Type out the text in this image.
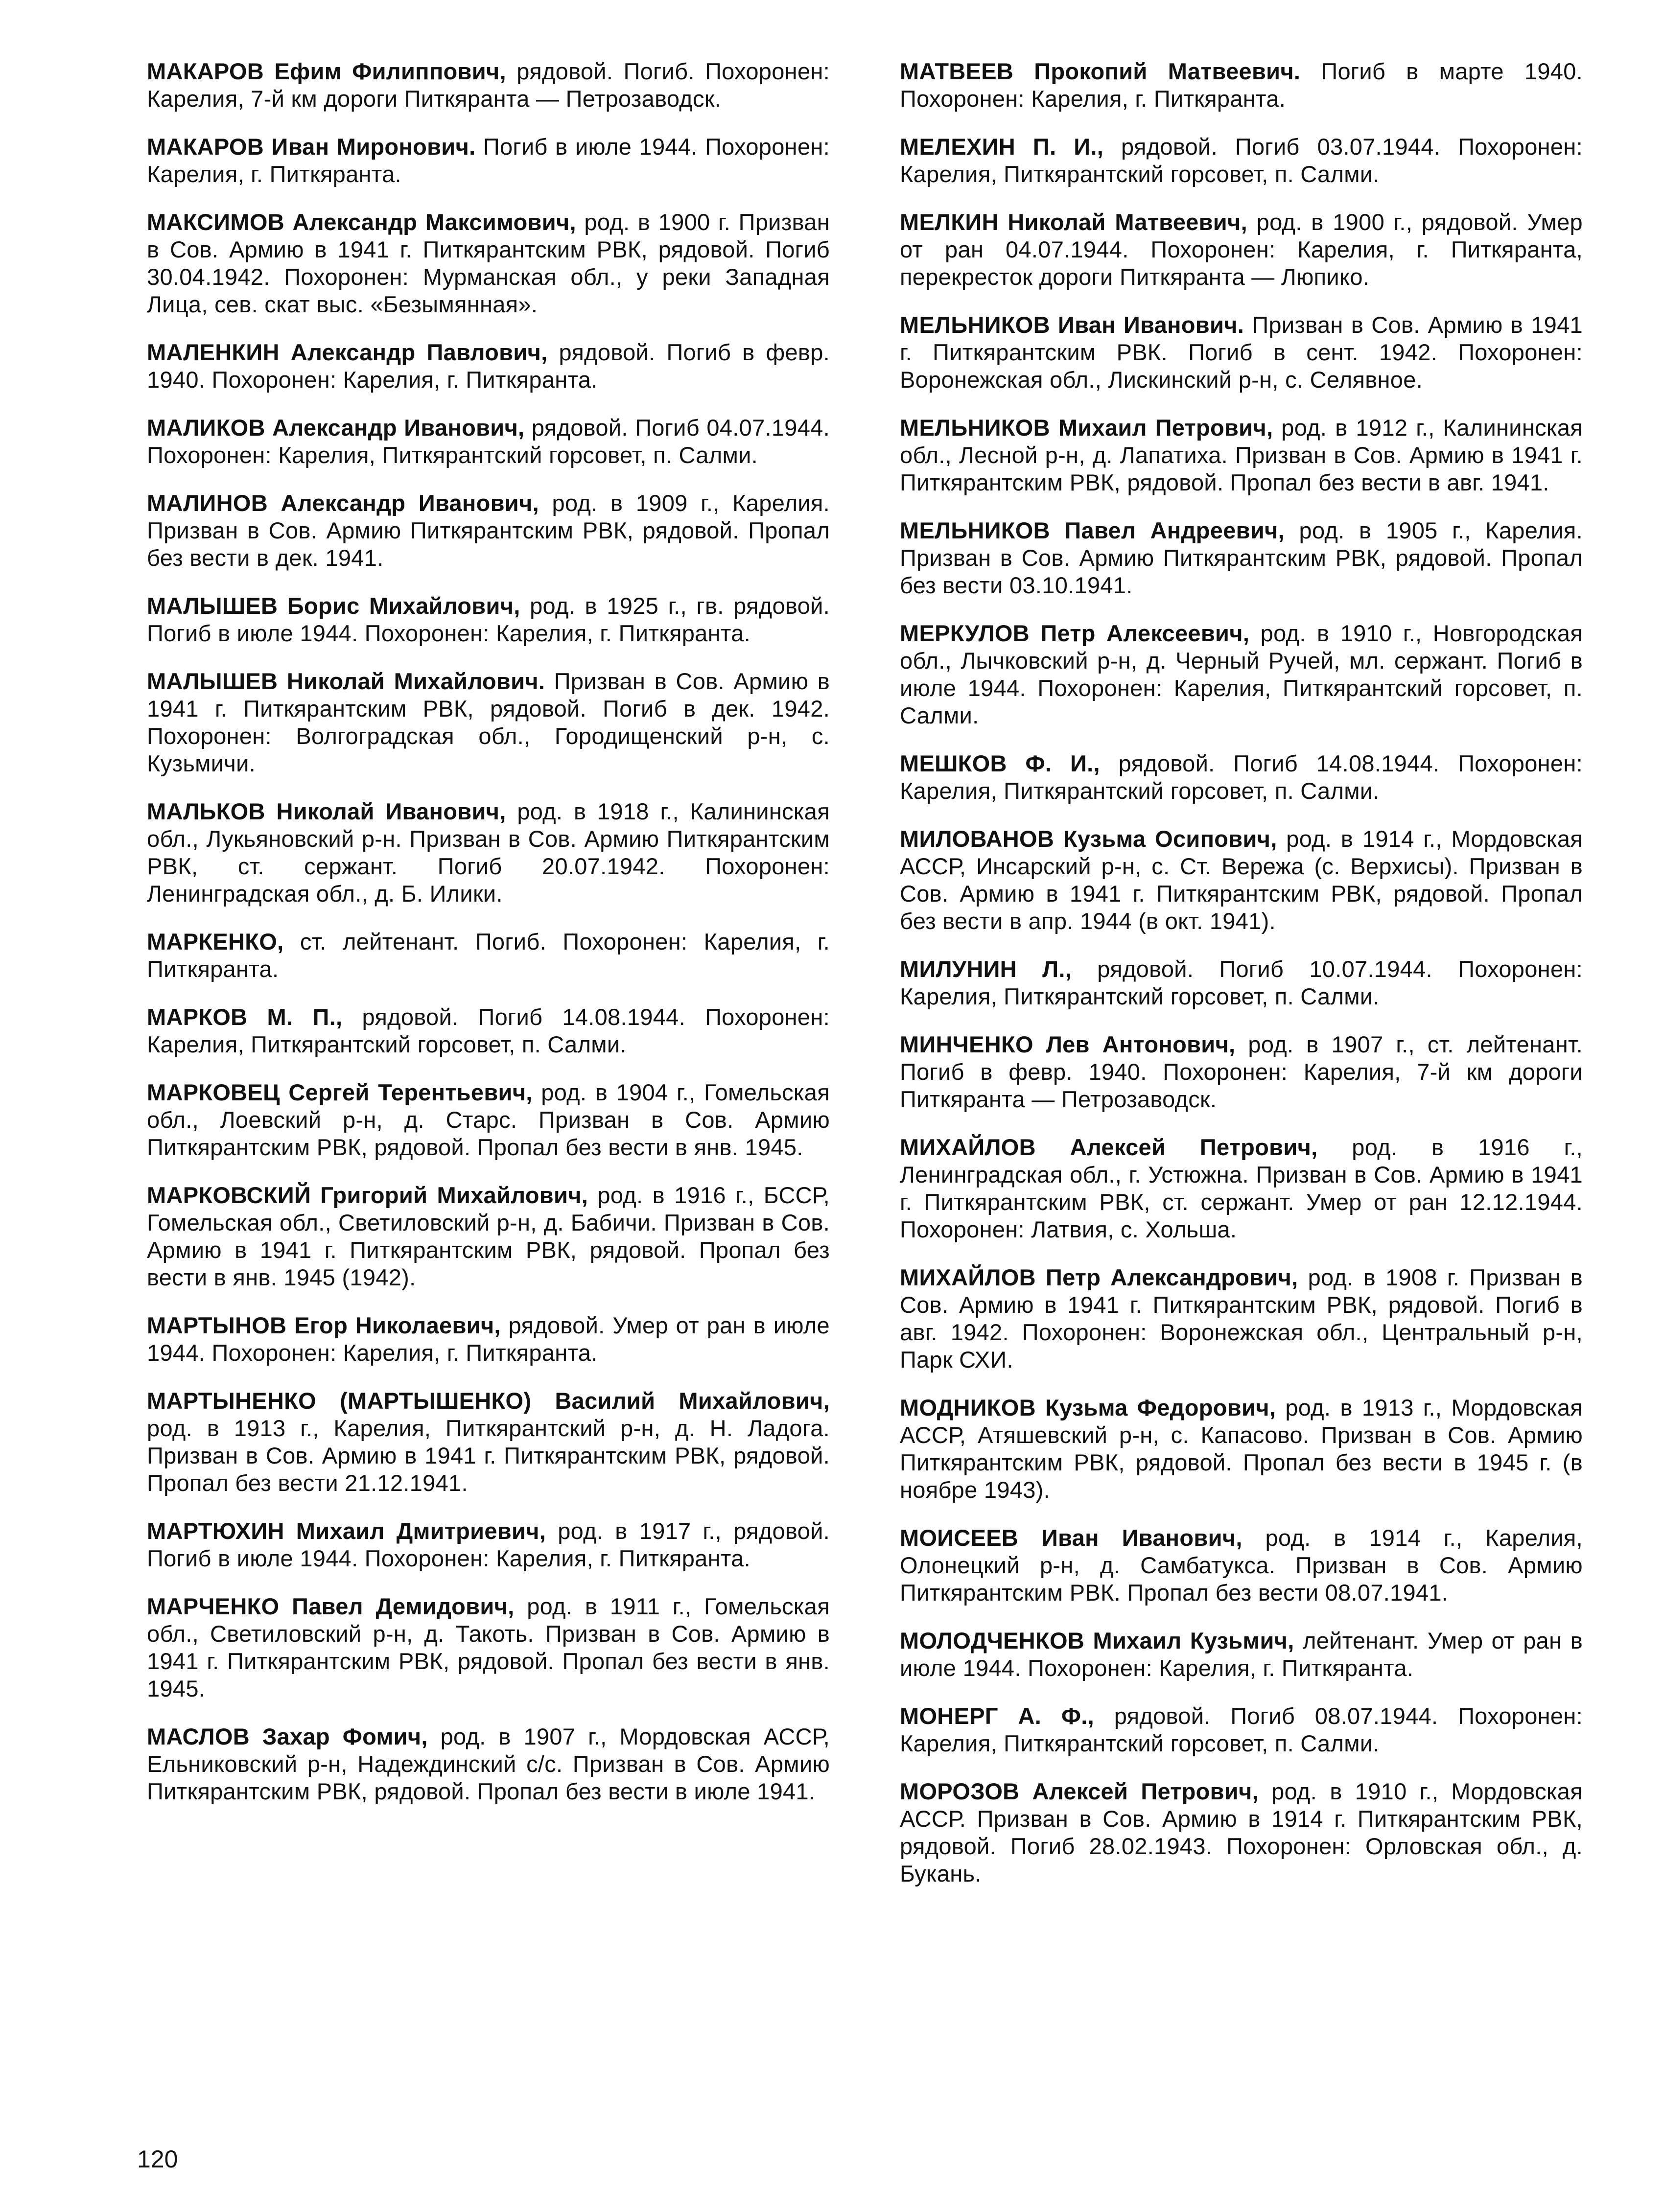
МАКАРОВ Ефим Филиппович, рядовой. Погиб. Похоронен: Карелия, 7-й км дороги Питкяранта — Петрозаводск.

МАКАРОВ Иван Миронович. Погиб в июле 1944. Похоронен: Карелия, г. Питкяранта.

МАКСИМОВ Александр Максимович, род. в 1900 г. Призван в Сов. Армию в 1941 г. Питкярантским РВК, рядовой. Погиб 30.04.1942. Похоронен: Мурманская обл., у реки Западная Лица, сев. скат выс. «Безымянная».

МАЛЕНКИН Александр Павлович, рядовой. Погиб в февр. 1940. Похоронен: Карелия, г. Питкяранта.

МАЛИКОВ Александр Иванович, рядовой. Погиб 04.07.1944. Похоронен: Карелия, Питкярантский горсовет, п. Салми.

МАЛИНОВ Александр Иванович, род. в 1909 г., Карелия. Призван в Сов. Армию Питкярантским РВК, рядовой. Пропал без вести в дек. 1941.

МАЛЫШЕВ Борис Михайлович, род. в 1925 г., гв. рядовой. Погиб в июле 1944. Похоронен: Карелия, г. Питкяранта.

МАЛЫШЕВ Николай Михайлович. Призван в Сов. Армию в 1941 г. Питкярантским РВК, рядовой. Погиб в дек. 1942. Похоронен: Волгоградская обл., Городищенский р-н, с. Кузьмичи.

МАЛЬКОВ Николай Иванович, род. в 1918 г., Калининская обл., Лукьяновский р-н. Призван в Сов. Армию Питкярантским РВК, ст. сержант. Погиб 20.07.1942. Похоронен: Ленинградская обл., д. Б. Илики.

МАРКЕНКО, ст. лейтенант. Погиб. Похоронен: Карелия, г. Питкяранта.

МАРКОВ М. П., рядовой. Погиб 14.08.1944. Похоронен: Карелия, Питкярантский горсовет, п. Салми.

МАРКОВЕЦ Сергей Терентьевич, род. в 1904 г., Гомельская обл., Лоевский р-н, д. Старс. Призван в Сов. Армию Питкярантским РВК, рядовой. Пропал без вести в янв. 1945.

МАРКОВСКИЙ Григорий Михайлович, род. в 1916 г., БССР, Гомельская обл., Светиловский р-н, д. Бабичи. Призван в Сов. Армию в 1941 г. Питкярантским РВК, рядовой. Пропал без вести в янв. 1945 (1942).

МАРТЫНОВ Егор Николаевич, рядовой. Умер от ран в июле 1944. Похоронен: Карелия, г. Питкяранта.

МАРТЫНЕНКО (МАРТЫШЕНКО) Василий Михайлович, род. в 1913 г., Карелия, Питкярантский р-н, д. Н. Ладога. Призван в Сов. Армию в 1941 г. Питкярантским РВК, рядовой. Пропал без вести 21.12.1941.

МАРТЮХИН Михаил Дмитриевич, род. в 1917 г., рядовой. Погиб в июле 1944. Похоронен: Карелия, г. Питкяранта.

МАРЧЕНКО Павел Демидович, род. в 1911 г., Гомельская обл., Светиловский р-н, д. Такоть. Призван в Сов. Армию в 1941 г. Питкярантским РВК, рядовой. Пропал без вести в янв. 1945.

МАСЛОВ Захар Фомич, род. в 1907 г., Мордовская АССР, Ельниковский р-н, Надеждинский с/с. Призван в Сов. Армию Питкярантским РВК, рядовой. Пропал без вести в июле 1941.

МАТВЕЕВ Прокопий Матвеевич. Погиб в марте 1940. Похоронен: Карелия, г. Питкяранта.

МЕЛЕХИН П. И., рядовой. Погиб 03.07.1944. Похоронен: Карелия, Питкярантский горсовет, п. Салми.

МЕЛКИН Николай Матвеевич, род. в 1900 г., рядовой. Умер от ран 04.07.1944. Похоронен: Карелия, г. Питкяранта, перекресток дороги Питкяранта — Люпико.

МЕЛЬНИКОВ Иван Иванович. Призван в Сов. Армию в 1941 г. Питкярантским РВК. Погиб в сент. 1942. Похоронен: Воронежская обл., Лискинский р-н, с. Селявное.

МЕЛЬНИКОВ Михаил Петрович, род. в 1912 г., Калининская обл., Лесной р-н, д. Лапатиха. Призван в Сов. Армию в 1941 г. Питкярантским РВК, рядовой. Пропал без вести в авг. 1941.

МЕЛЬНИКОВ Павел Андреевич, род. в 1905 г., Карелия. Призван в Сов. Армию Питкярантским РВК, рядовой. Пропал без вести 03.10.1941.

МЕРКУЛОВ Петр Алексеевич, род. в 1910 г., Новгородская обл., Лычковский р-н, д. Черный Ручей, мл. сержант. Погиб в июле 1944. Похоронен: Карелия, Питкярантский горсовет, п. Салми.

МЕШКОВ Ф. И., рядовой. Погиб 14.08.1944. Похоронен: Карелия, Питкярантский горсовет, п. Салми.

МИЛОВАНОВ Кузьма Осипович, род. в 1914 г., Мордовская АССР, Инсарский р-н, с. Ст. Вережа (с. Верхисы). Призван в Сов. Армию в 1941 г. Питкярантским РВК, рядовой. Пропал без вести в апр. 1944 (в окт. 1941).

МИЛУНИН Л., рядовой. Погиб 10.07.1944. Похоронен: Карелия, Питкярантский горсовет, п. Салми.

МИНЧЕНКО Лев Антонович, род. в 1907 г., ст. лейтенант. Погиб в февр. 1940. Похоронен: Карелия, 7-й км дороги Питкяранта — Петрозаводск.

МИХАЙЛОВ Алексей Петрович, род. в 1916 г., Ленинградская обл., г. Устюжна. Призван в Сов. Армию в 1941 г. Питкярантским РВК, ст. сержант. Умер от ран 12.12.1944. Похоронен: Латвия, с. Хольша.

МИХАЙЛОВ Петр Александрович, род. в 1908 г. Призван в Сов. Армию в 1941 г. Питкярантским РВК, рядовой. Погиб в авг. 1942. Похоронен: Воронежская обл., Центральный р-н, Парк СХИ.

МОДНИКОВ Кузьма Федорович, род. в 1913 г., Мордовская АССР, Атяшевский р-н, с. Капасово. Призван в Сов. Армию Питкярантским РВК, рядовой. Пропал без вести в 1945 г. (в ноябре 1943).

МОИСЕЕВ Иван Иванович, род. в 1914 г., Карелия, Олонецкий р-н, д. Самбатукса. Призван в Сов. Армию Питкярантским РВК. Пропал без вести 08.07.1941.

МОЛОДЧЕНКОВ Михаил Кузьмич, лейтенант. Умер от ран в июле 1944. Похоронен: Карелия, г. Питкяранта.

МОНЕРГ А. Ф., рядовой. Погиб 08.07.1944. Похоронен: Карелия, Питкярантский горсовет, п. Салми.

МОРОЗОВ Алексей Петрович, род. в 1910 г., Мордовская АССР. Призван в Сов. Армию в 1914 г. Питкярантским РВК, рядовой. Погиб 28.02.1943. Похоронен: Орловская обл., д. Букань.

120
